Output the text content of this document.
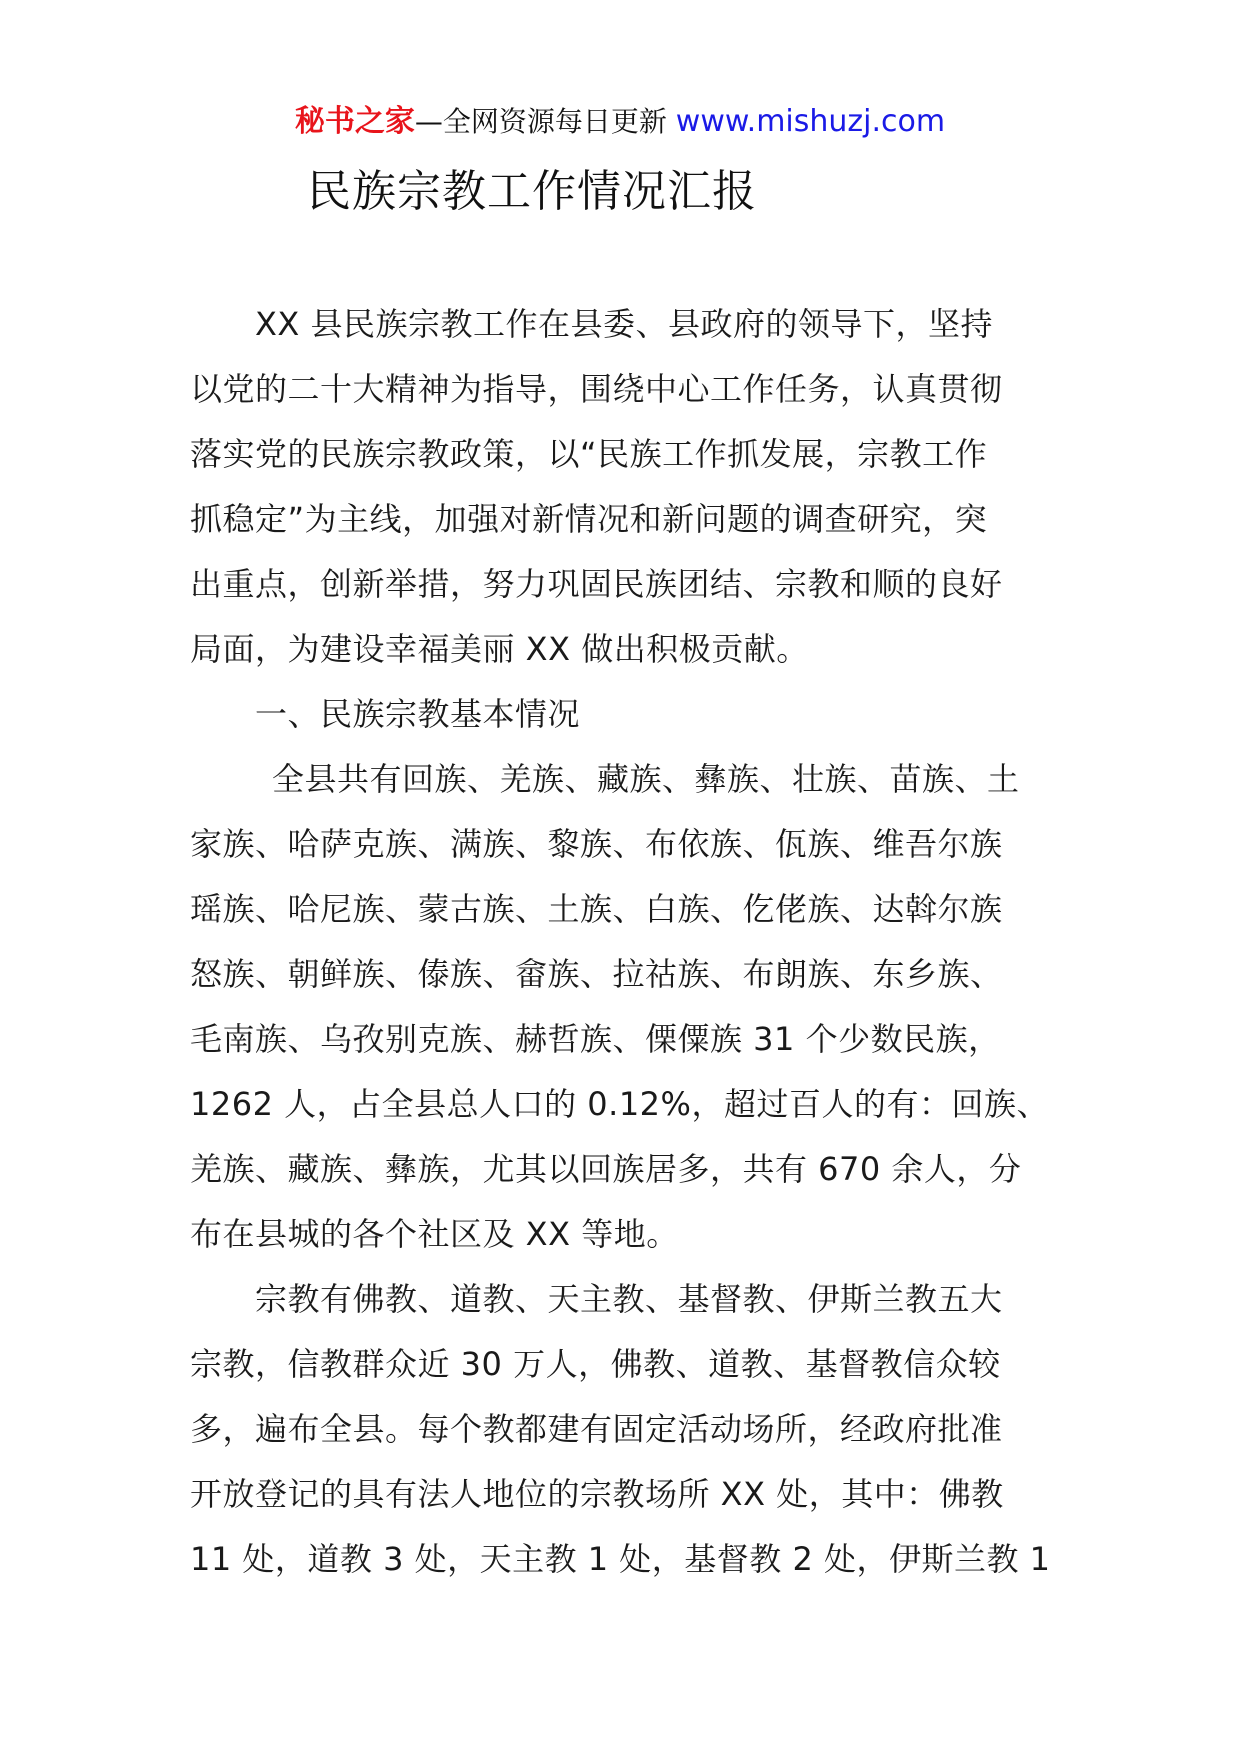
秘书之家—全网资源每日更新 www.mishuzj.com
民族宗教工作情况汇报
XX 县民族宗教工作在县委、县政府的领导下，坚持
以党的二十大精神为指导，围绕中心工作任务，认真贯彻
落实党的民族宗教政策，以“民族工作抓发展，宗教工作
抓稳定”为主线，加强对新情况和新问题的调查研究，突
出重点，创新举措，努力巩固民族团结、宗教和顺的良好
局面，为建设幸福美丽 XX 做出积极贡献。
一、民族宗教基本情况
全县共有回族、羌族、藏族、彝族、壮族、苗族、土
家族、哈萨克族、满族、黎族、布依族、佤族、维吾尔族
瑶族、哈尼族、蒙古族、土族、白族、仡佬族、达斡尔族
怒族、朝鲜族、傣族、畲族、拉祜族、布朗族、东乡族、
毛南族、乌孜别克族、赫哲族、傈僳族 31 个少数民族，
1262 人，占全县总人口的 0.12%，超过百人的有：回族、
羌族、藏族、彝族，尤其以回族居多，共有 670 余人，分
布在县城的各个社区及 XX 等地。
宗教有佛教、道教、天主教、基督教、伊斯兰教五大
宗教，信教群众近 30 万人，佛教、道教、基督教信众较
多，遍布全县。每个教都建有固定活动场所，经政府批准
开放登记的具有法人地位的宗教场所 XX 处，其中：佛教
11 处，道教 3 处，天主教 1 处，基督教 2 处，伊斯兰教 1
